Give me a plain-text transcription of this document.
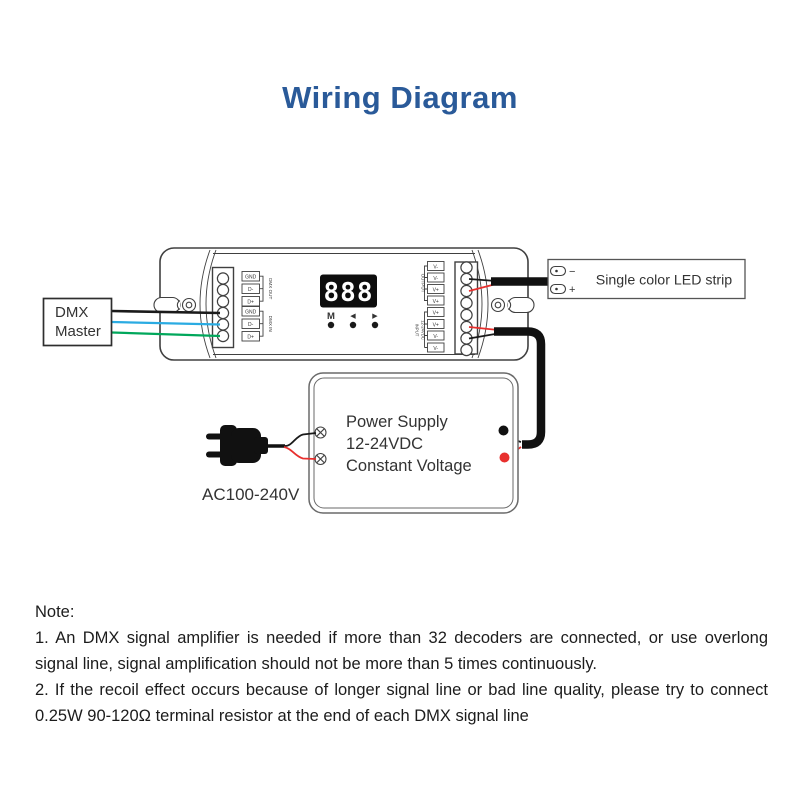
Wiring Diagram
GND
D-
D+
GND
D-
D+
DMX OUT
DMX IN
888
M ◀ ▶
V-
V-
V+
V+
V+
V+
V-
V-
OUTPUT
INPUT 12-24VDC
DMX
Master
−
+
Single color LED strip
Power Supply
12-24VDC
Constant Voltage
AC100-240V

Note:

1. An DMX signal amplifier is needed if more than 32 decoders are connected, or use overlong signal line, signal amplification should not be more than 5 times continuously.

2. If the recoil effect occurs because of longer signal line or bad line quality, please try to connect 0.25W 90-120Ω terminal resistor at the end of each DMX signal line
